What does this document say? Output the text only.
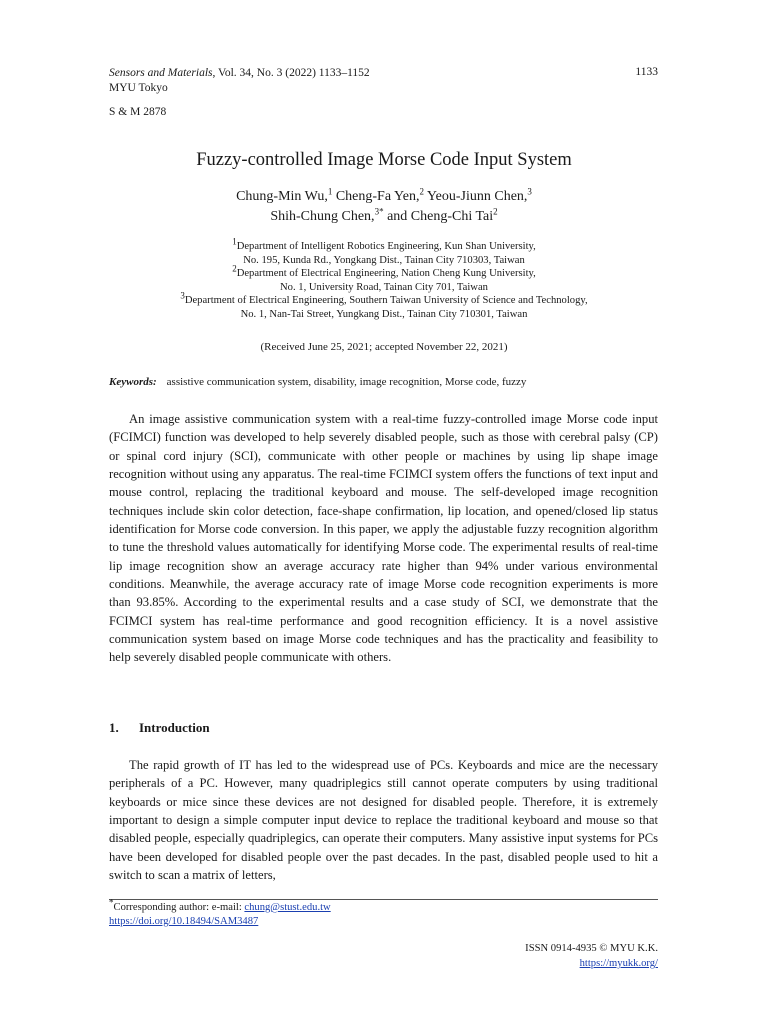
Sensors and Materials, Vol. 34, No. 3 (2022) 1133–1152
MYU Tokyo
1133
S & M 2878
Fuzzy-controlled Image Morse Code Input System
Chung-Min Wu,$^1$ Cheng-Fa Yen,$^2$ Yeou-Jiunn Chen,$^3$
Shih-Chung Chen,$^{3*}$ and Cheng-Chi Tai$^2$
$^1$Department of Intelligent Robotics Engineering, Kun Shan University,
No. 195, Kunda Rd., Yongkang Dist., Tainan City 710303, Taiwan
$^2$Department of Electrical Engineering, Nation Cheng Kung University,
No. 1, University Road, Tainan City 701, Taiwan
$^3$Department of Electrical Engineering, Southern Taiwan University of Science and Technology,
No. 1, Nan-Tai Street, Yungkang Dist., Tainan City 710301, Taiwan
(Received June 25, 2021; accepted November 22, 2021)
Keywords: assistive communication system, disability, image recognition, Morse code, fuzzy

An image assistive communication system with a real-time fuzzy-controlled image Morse code input (FCIMCI) function was developed to help severely disabled people, such as those with cerebral palsy (CP) or spinal cord injury (SCI), communicate with other people or machines by using lip shape image recognition without using any apparatus. The real-time FCIMCI system offers the functions of text input and mouse control, replacing the traditional keyboard and mouse. The self-developed image recognition techniques include skin color detection, face-shape confirmation, lip location, and opened/closed lip status identification for Morse code conversion. In this paper, we apply the adjustable fuzzy recognition algorithm to tune the threshold values automatically for identifying Morse code. The experimental results of real-time lip image recognition show an average accuracy rate higher than 94% under various environmental conditions. Meanwhile, the average accuracy rate of image Morse code recognition experiments is more than 93.85%. According to the experimental results and a case study of SCI, we demonstrate that the FCIMCI system has real-time performance and good recognition efficiency. It is a novel assistive communication system based on image Morse code techniques and has the practicality and feasibility to help severely disabled people communicate with others.

1. Introduction

The rapid growth of IT has led to the widespread use of PCs. Keyboards and mice are the necessary peripherals of a PC. However, many quadriplegics still cannot operate computers by using traditional keyboards or mice since these devices are not designed for disabled people. Therefore, it is extremely important to design a simple computer input device to replace the traditional keyboard and mouse so that disabled people, especially quadriplegics, can operate their computers. Many assistive input systems for PCs have been developed for disabled people over the past decades. In the past, disabled people used to hit a switch to scan a matrix of letters,

*Corresponding author: e-mail: chung@stust.edu.tw
https://doi.org/10.18494/SAM3487
ISSN 0914-4935 © MYU K.K.
https://myukk.org/
